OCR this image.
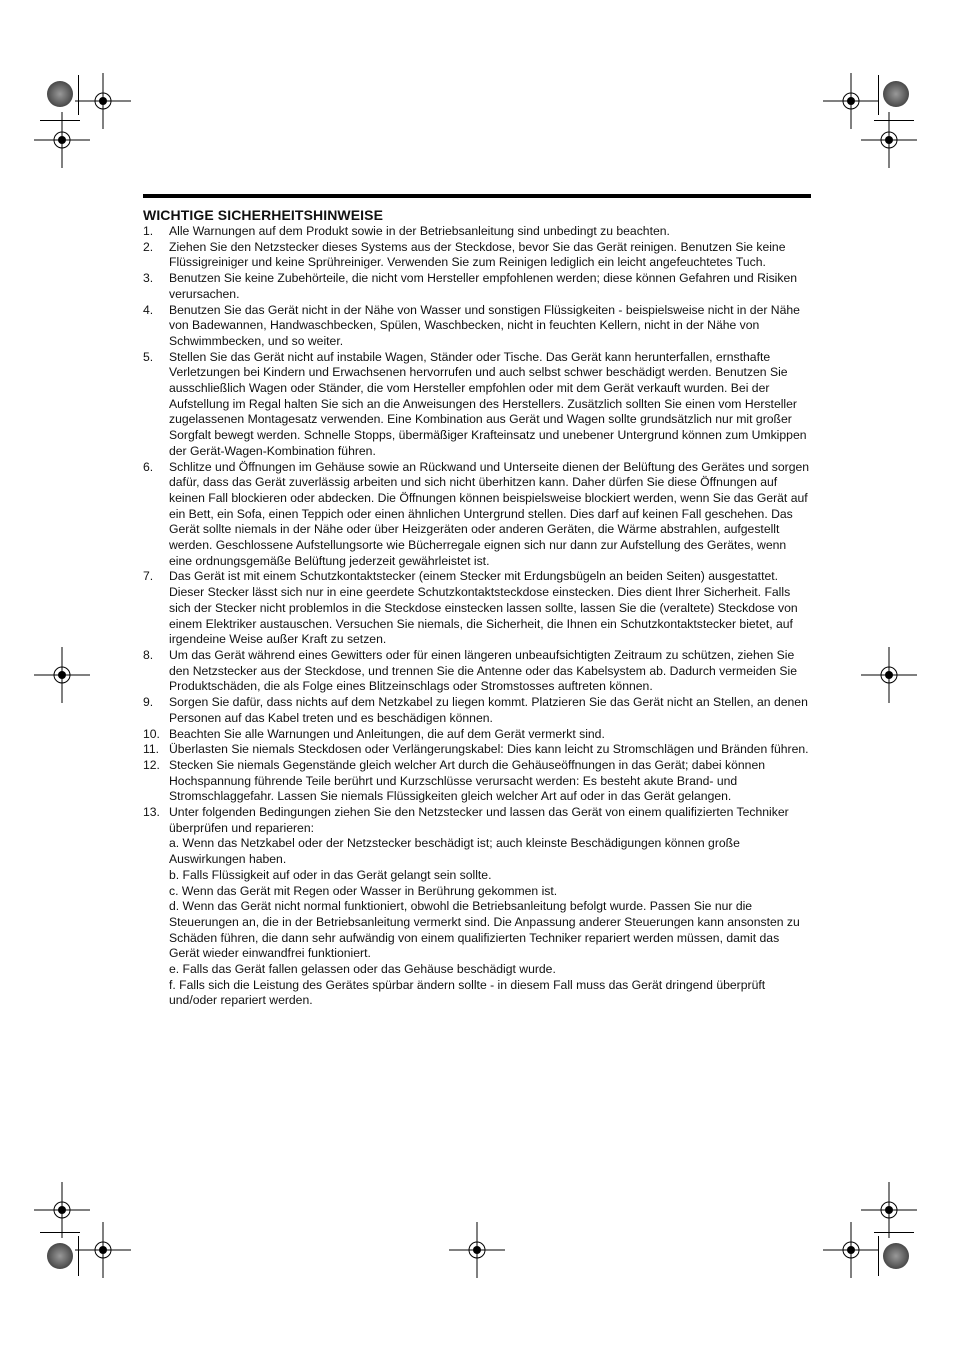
WICHTIGE SICHERHEITSHINWEISE
1. Alle Warnungen auf dem Produkt sowie in der Betriebsanleitung sind unbedingt zu beachten.
2. Ziehen Sie den Netzstecker dieses Systems aus der Steckdose, bevor Sie das Gerät reinigen. Benutzen Sie keine Flüssigreiniger und keine Sprühreiniger. Verwenden Sie zum Reinigen lediglich ein leicht angefeuchtetes Tuch.
3. Benutzen Sie keine Zubehörteile, die nicht vom Hersteller empfohlenen werden; diese können Gefahren und Risiken verursachen.
4. Benutzen Sie das Gerät nicht in der Nähe von Wasser und sonstigen Flüssigkeiten - beispielsweise nicht in der Nähe von Badewannen, Handwaschbecken, Spülen, Waschbecken, nicht in feuchten Kellern, nicht in der Nähe von Schwimmbecken, und so weiter.
5. Stellen Sie das Gerät nicht auf instabile Wagen, Ständer oder Tische. Das Gerät kann herunterfallen, ernsthafte Verletzungen bei Kindern und Erwachsenen hervorrufen und auch selbst schwer beschädigt werden. Benutzen Sie ausschließlich Wagen oder Ständer, die vom Hersteller empfohlen oder mit dem Gerät verkauft wurden. Bei der Aufstellung im Regal halten Sie sich an die Anweisungen des Herstellers. Zusätzlich sollten Sie einen vom Hersteller zugelassenen Montagesatz verwenden. Eine Kombination aus Gerät und Wagen sollte grundsätzlich nur mit großer Sorgfalt bewegt werden. Schnelle Stopps, übermäßiger Krafteinsatz und unebener Untergrund können zum Umkippen der Gerät-Wagen-Kombination führen.
6. Schlitze und Öffnungen im Gehäuse sowie an Rückwand und Unterseite dienen der Belüftung des Gerätes und sorgen dafür, dass das Gerät zuverlässig arbeiten und sich nicht überhitzen kann. Daher dürfen Sie diese Öffnungen auf keinen Fall blockieren oder abdecken. Die Öffnungen können beispielsweise blockiert werden, wenn Sie das Gerät auf ein Bett, ein Sofa, einen Teppich oder einen ähnlichen Untergrund stellen. Dies darf auf keinen Fall geschehen. Das Gerät sollte niemals in der Nähe oder über Heizgeräten oder anderen Geräten, die Wärme abstrahlen, aufgestellt werden. Geschlossene Aufstellungsorte wie Bücherregale eignen sich nur dann zur Aufstellung des Gerätes, wenn eine ordnungsgemäße Belüftung jederzeit gewährleistet ist.
7. Das Gerät ist mit einem Schutzkontaktstecker (einem Stecker mit Erdungsbügeln an beiden Seiten) ausgestattet. Dieser Stecker lässt sich nur in eine geerdete Schutzkontaktsteckdose einstecken. Dies dient Ihrer Sicherheit. Falls sich der Stecker nicht problemlos in die Steckdose einstecken lassen sollte, lassen Sie die (veraltete) Steckdose von einem Elektriker austauschen. Versuchen Sie niemals, die Sicherheit, die Ihnen ein Schutzkontaktstecker bietet, auf irgendeine Weise außer Kraft zu setzen.
8. Um das Gerät während eines Gewitters oder für einen längeren unbeaufsichtigten Zeitraum zu schützen, ziehen Sie den Netzstecker aus der Steckdose, und trennen Sie die Antenne oder das Kabelsystem ab. Dadurch vermeiden Sie Produktschäden, die als Folge eines Blitzeinschlags oder Stromstosses auftreten können.
9. Sorgen Sie dafür, dass nichts auf dem Netzkabel zu liegen kommt. Platzieren Sie das Gerät nicht an Stellen, an denen Personen auf das Kabel treten und es beschädigen können.
10. Beachten Sie alle Warnungen und Anleitungen, die auf dem Gerät vermerkt sind.
11. Überlasten Sie niemals Steckdosen oder Verlängerungskabel: Dies kann leicht zu Stromschlägen und Bränden führen.
12. Stecken Sie niemals Gegenstände gleich welcher Art durch die Gehäuseöffnungen in das Gerät; dabei können Hochspannung führende Teile berührt und Kurzschlüsse verursacht werden: Es besteht akute Brand- und Stromschlaggefahr. Lassen Sie niemals Flüssigkeiten gleich welcher Art auf oder in das Gerät gelangen.
13. Unter folgenden Bedingungen ziehen Sie den Netzstecker und lassen das Gerät von einem qualifizierten Techniker überprüfen und reparieren:
a. Wenn das Netzkabel oder der Netzstecker beschädigt ist; auch kleinste Beschädigungen können große Auswirkungen haben.
b. Falls Flüssigkeit auf oder in das Gerät gelangt sein sollte.
c. Wenn das Gerät mit Regen oder Wasser in Berührung gekommen ist.
d. Wenn das Gerät nicht normal funktioniert, obwohl die Betriebsanleitung befolgt wurde. Passen Sie nur die Steuerungen an, die in der Betriebsanleitung vermerkt sind. Die Anpassung anderer Steuerungen kann ansonsten zu Schäden führen, die dann sehr aufwändig von einem qualifizierten Techniker repariert werden müssen, damit das Gerät wieder einwandfrei funktioniert.
e. Falls das Gerät fallen gelassen oder das Gehäuse beschädigt wurde.
f. Falls sich die Leistung des Gerätes spürbar ändern sollte - in diesem Fall muss das Gerät dringend überprüft und/oder repariert werden.
